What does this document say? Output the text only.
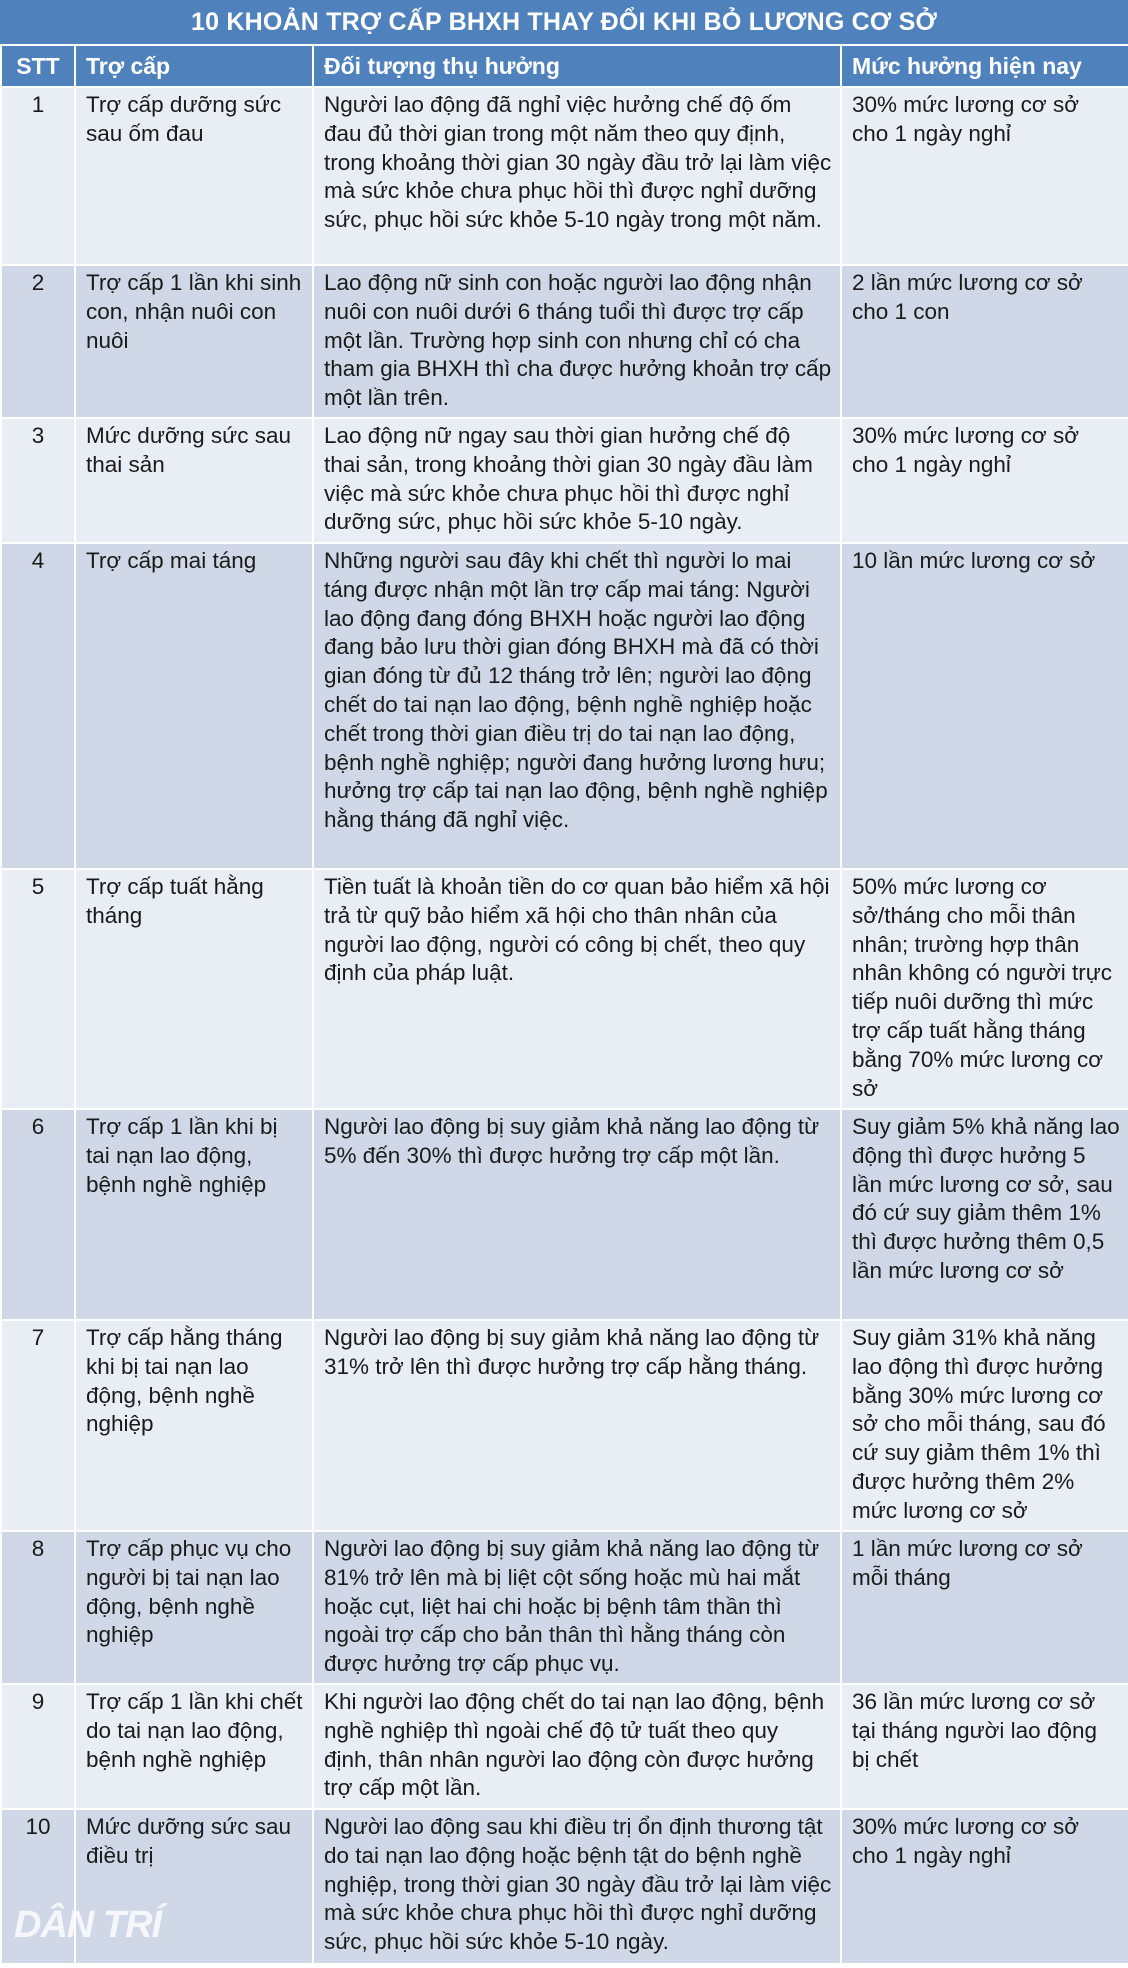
10 KHOẢN TRỢ CẤP BHXH THAY ĐỔI KHI BỎ LƯƠNG CƠ SỞ
STT	Trợ cấp	Đối tượng thụ hưởng	Mức hưởng hiện nay
1	Trợ cấp dưỡng sức sau ốm đau	Người lao động đã nghỉ việc hưởng chế độ ốm đau đủ thời gian trong một năm theo quy định, trong khoảng thời gian 30 ngày đầu trở lại làm việc mà sức khỏe chưa phục hồi thì được nghỉ dưỡng sức, phục hồi sức khỏe 5-10 ngày trong một năm.	30% mức lương cơ sở cho 1 ngày nghỉ
2	Trợ cấp 1 lần khi sinh con, nhận nuôi con nuôi	Lao động nữ sinh con hoặc người lao động nhận nuôi con nuôi dưới 6 tháng tuổi thì được trợ cấp một lần. Trường hợp sinh con nhưng chỉ có cha tham gia BHXH thì cha được hưởng khoản trợ cấp một lần trên.	2 lần mức lương cơ sở cho 1 con
3	Mức dưỡng sức sau thai sản	Lao động nữ ngay sau thời gian hưởng chế độ thai sản, trong khoảng thời gian 30 ngày đầu làm việc mà sức khỏe chưa phục hồi thì được nghỉ dưỡng sức, phục hồi sức khỏe 5-10 ngày.	30% mức lương cơ sở cho 1 ngày nghỉ
4	Trợ cấp mai táng	Những người sau đây khi chết thì người lo mai táng được nhận một lần trợ cấp mai táng: Người lao động đang đóng BHXH hoặc người lao động đang bảo lưu thời gian đóng BHXH mà đã có thời gian đóng từ đủ 12 tháng trở lên; người lao động chết do tai nạn lao động, bệnh nghề nghiệp hoặc chết trong thời gian điều trị do tai nạn lao động, bệnh nghề nghiệp; người đang hưởng lương hưu; hưởng trợ cấp tai nạn lao động, bệnh nghề nghiệp hằng tháng đã nghỉ việc.	10 lần mức lương cơ sở
5	Trợ cấp tuất hằng tháng	Tiền tuất là khoản tiền do cơ quan bảo hiểm xã hội trả từ quỹ bảo hiểm xã hội cho thân nhân của người lao động, người có công bị chết, theo quy định của pháp luật.	50% mức lương cơ sở/tháng cho mỗi thân nhân; trường hợp thân nhân không có người trực tiếp nuôi dưỡng thì mức trợ cấp tuất hằng tháng bằng 70% mức lương cơ sở
6	Trợ cấp 1 lần khi bị tai nạn lao động, bệnh nghề nghiệp	Người lao động bị suy giảm khả năng lao động từ 5% đến 30% thì được hưởng trợ cấp một lần.	Suy giảm 5% khả năng lao động thì được hưởng 5 lần mức lương cơ sở, sau đó cứ suy giảm thêm 1% thì được hưởng thêm 0,5 lần mức lương cơ sở
7	Trợ cấp hằng tháng khi bị tai nạn lao động, bệnh nghề nghiệp	Người lao động bị suy giảm khả năng lao động từ 31% trở lên thì được hưởng trợ cấp hằng tháng.	Suy giảm 31% khả năng lao động thì được hưởng bằng 30% mức lương cơ sở cho mỗi tháng, sau đó cứ suy giảm thêm 1% thì được hưởng thêm 2% mức lương cơ sở
8	Trợ cấp phục vụ cho người bị tai nạn lao động, bệnh nghề nghiệp	Người lao động bị suy giảm khả năng lao động từ 81% trở lên mà bị liệt cột sống hoặc mù hai mắt hoặc cụt, liệt hai chi hoặc bị bệnh tâm thần thì ngoài trợ cấp cho bản thân thì hằng tháng còn được hưởng trợ cấp phục vụ.	1 lần mức lương cơ sở mỗi tháng
9	Trợ cấp 1 lần khi chết do tai nạn lao động, bệnh nghề nghiệp	Khi người lao động chết do tai nạn lao động, bệnh nghề nghiệp thì ngoài chế độ tử tuất theo quy định, thân nhân người lao động còn được hưởng trợ cấp một lần.	36 lần mức lương cơ sở tại tháng người lao động bị chết
10	Mức dưỡng sức sau điều trị	Người lao động sau khi điều trị ổn định thương tật do tai nạn lao động hoặc bệnh tật do bệnh nghề nghiệp, trong thời gian 30 ngày đầu trở lại làm việc mà sức khỏe chưa phục hồi thì được nghỉ dưỡng sức, phục hồi sức khỏe 5-10 ngày.	30% mức lương cơ sở cho 1 ngày nghỉ
DÂN TRÍ
